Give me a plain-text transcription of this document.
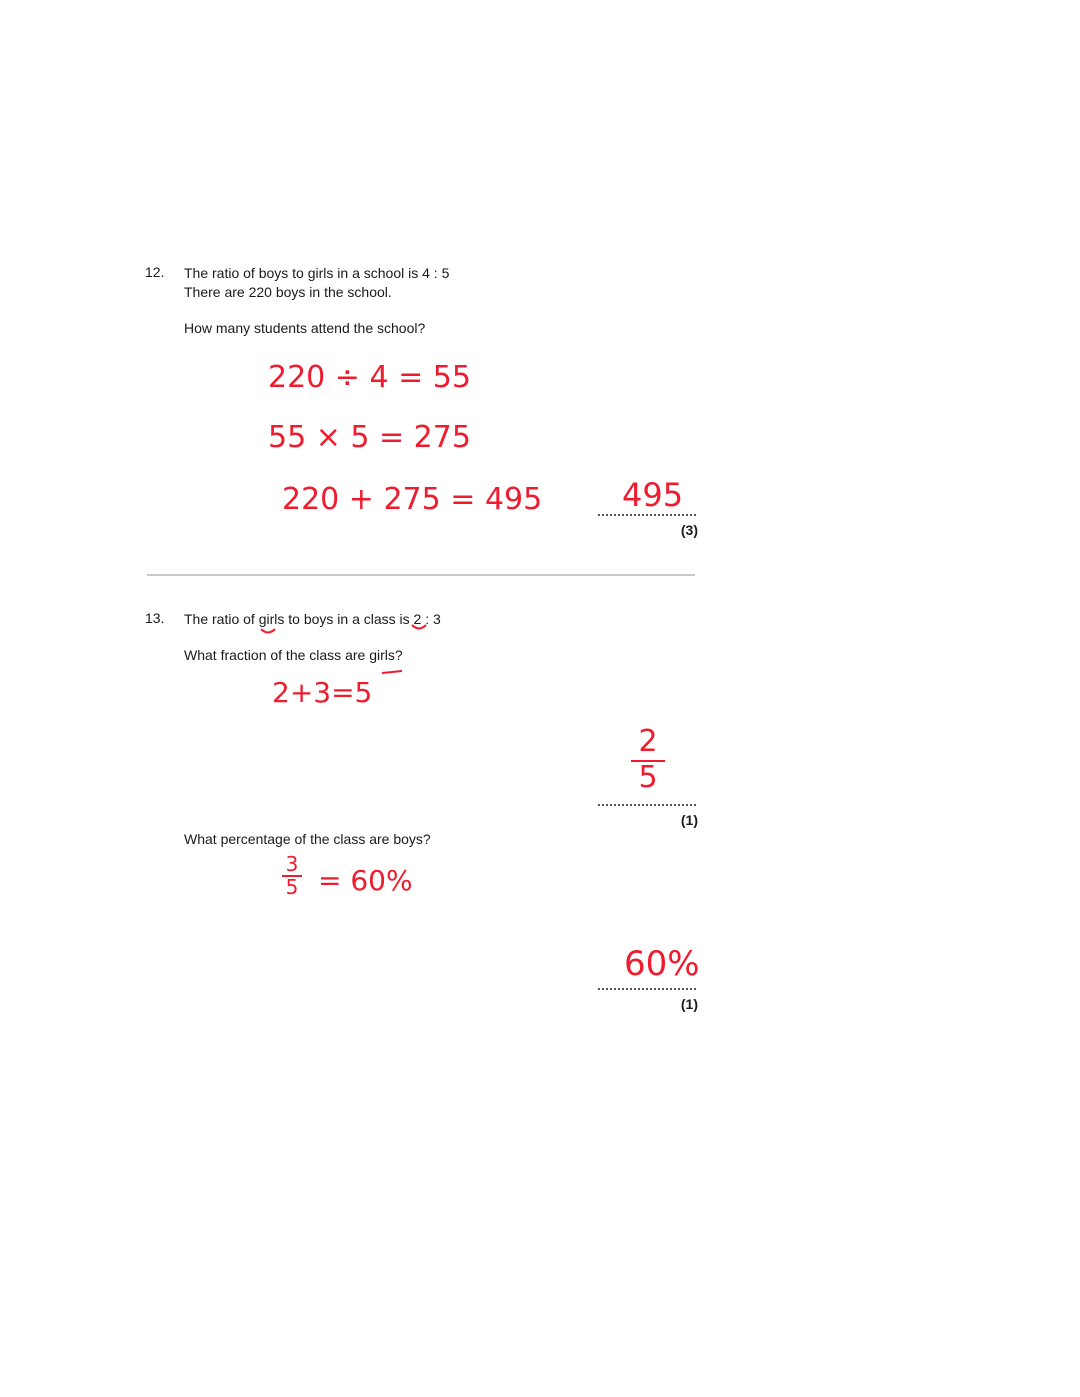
12. The ratio of boys to girls in a school is 4 : 5
There are 220 boys in the school.
How many students attend the school?
220 ÷ 4 = 55
55 × 5 = 275
220 + 275 = 495 495
(3)
13. The ratio of girls to boys in a class is 2 : 3
What fraction of the class are girls?
2+3=5
2
5
(1)
What percentage of the class are boys?
3
5 = 60%
60%
(1)
